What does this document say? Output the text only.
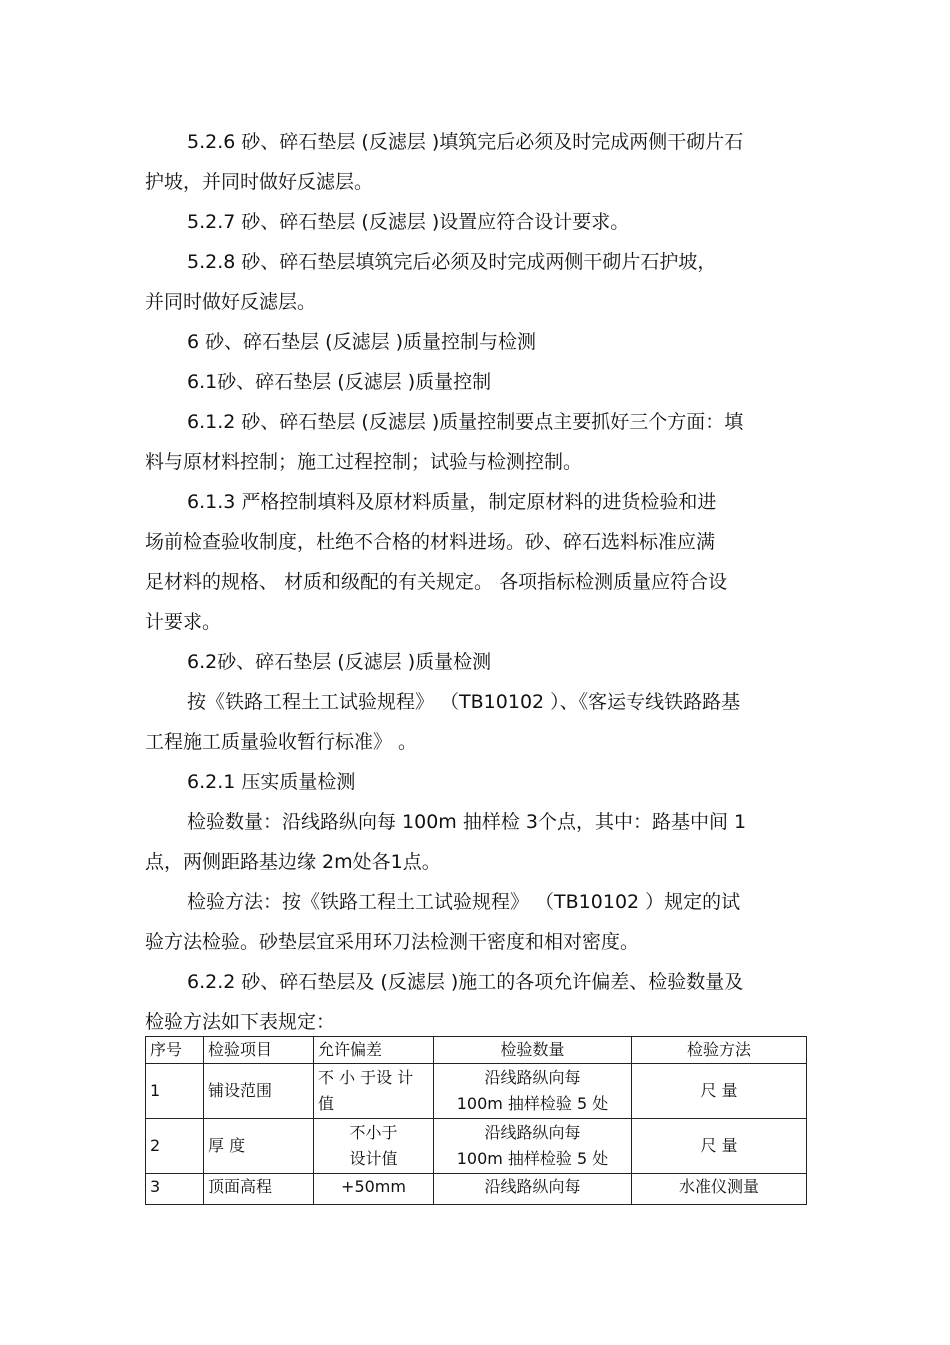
5.2.6 砂、碎石垫层 (反滤层 )填筑完后必须及时完成两侧干砌片石
护坡，并同时做好反滤层。
5.2.7 砂、碎石垫层 (反滤层 )设置应符合设计要求。
5.2.8 砂、碎石垫层填筑完后必须及时完成两侧干砌片石护坡，
并同时做好反滤层。
6 砂、碎石垫层 (反滤层 )质量控制与检测
6.1砂、碎石垫层 (反滤层 )质量控制
6.1.2 砂、碎石垫层 (反滤层 )质量控制要点主要抓好三个方面：填
料与原材料控制；施工过程控制；试验与检测控制。
6.1.3 严格控制填料及原材料质量，制定原材料的进货检验和进
场前检查验收制度，杜绝不合格的材料进场。砂、碎石选料标准应满
足材料的规格、 材质和级配的有关规定。 各项指标检测质量应符合设
计要求。
6.2砂、碎石垫层 (反滤层 )质量检测
按《铁路工程土工试验规程》 （TB10102 ）、《客运专线铁路路基
工程施工质量验收暂行标准》 。
6.2.1 压实质量检测
检验数量：沿线路纵向每 100m 抽样检 3个点，其中：路基中间 1
点，两侧距路基边缘 2m处各1点。
检验方法：按《铁路工程土工试验规程》 （TB10102 ）规定的试
验方法检验。砂垫层宜采用环刀法检测干密度和相对密度。
6.2.2 砂、碎石垫层及 (反滤层 )施工的各项允许偏差、检验数量及
检验方法如下表规定：
序号	检验项目	允许偏差	检验数量	检验方法
1	铺设范围	不 小 于设 计
值	沿线路纵向每
100m 抽样检验 5 处	尺 量
2	厚 度	不小于
设计值	沿线路纵向每
100m 抽样检验 5 处	尺 量
3	顶面高程	+50mm	沿线路纵向每	水准仪测量
